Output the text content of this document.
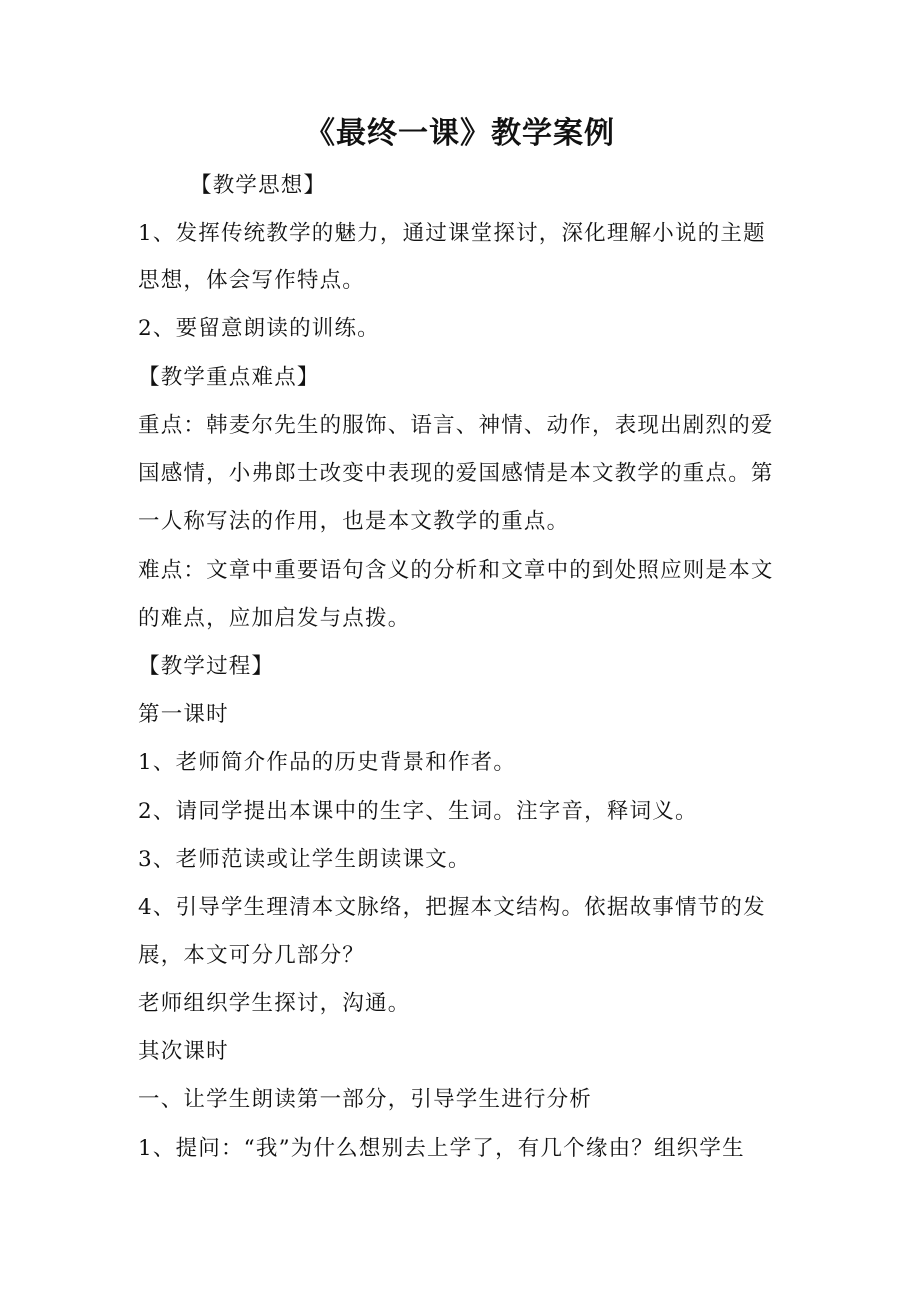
《最终一课》教学案例
【教学思想】
1、发挥传统教学的魅力，通过课堂探讨，深化理解小说的主题
思想，体会写作特点。
2、要留意朗读的训练。
【教学重点难点】
重点：韩麦尔先生的服饰、语言、神情、动作，表现出剧烈的爱
国感情，小弗郎士改变中表现的爱国感情是本文教学的重点。第
一人称写法的作用，也是本文教学的重点。
难点：文章中重要语句含义的分析和文章中的到处照应则是本文
的难点，应加启发与点拨。
【教学过程】
第一课时
1、老师简介作品的历史背景和作者。
2、请同学提出本课中的生字、生词。注字音，释词义。
3、老师范读或让学生朗读课文。
4、引导学生理清本文脉络，把握本文结构。依据故事情节的发
展，本文可分几部分？
老师组织学生探讨，沟通。
其次课时
一、让学生朗读第一部分，引导学生进行分析
1、提问：“我”为什么想别去上学了，有几个缘由？组织学生
